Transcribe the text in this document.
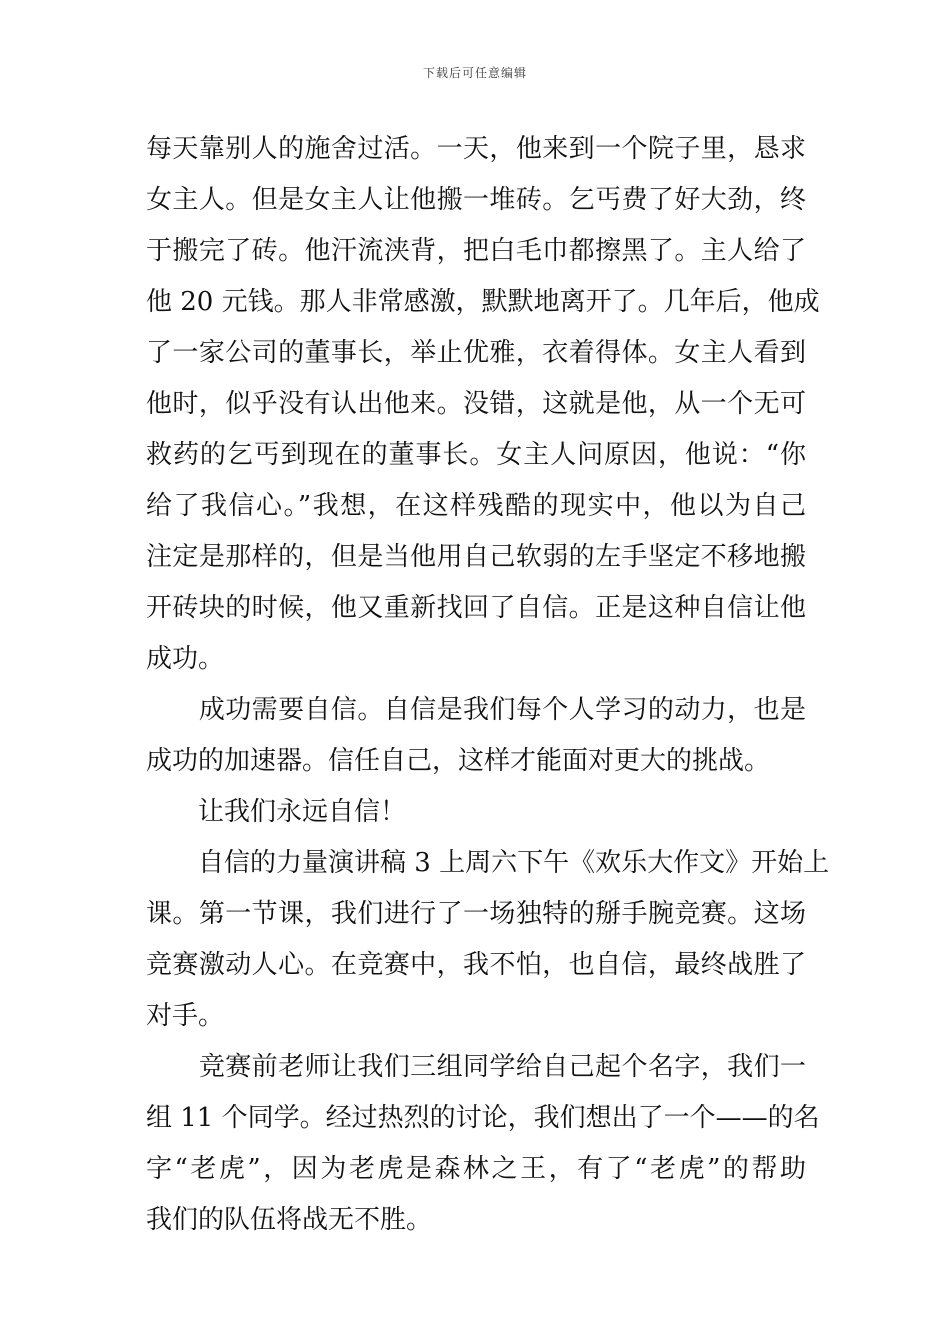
下载后可任意编辑
每天靠别人的施舍过活。一天，他来到一个院子里，恳求
女主人。但是女主人让他搬一堆砖。乞丐费了好大劲，终
于搬完了砖。他汗流浃背，把白毛巾都擦黑了。主人给了
他 20 元钱。那人非常感激，默默地离开了。几年后，他成
了一家公司的董事长，举止优雅，衣着得体。女主人看到
他时，似乎没有认出他来。没错，这就是他，从一个无可
救药的乞丐到现在的董事长。女主人问原因，他说：“你
给了我信心。”我想，在这样残酷的现实中，他以为自己
注定是那样的，但是当他用自己软弱的左手坚定不移地搬
开砖块的时候，他又重新找回了自信。正是这种自信让他
成功。
　　成功需要自信。自信是我们每个人学习的动力，也是
成功的加速器。信任自己，这样才能面对更大的挑战。
　　让我们永远自信！
　　自信的力量演讲稿 3 上周六下午《欢乐大作文》开始上
课。第一节课，我们进行了一场独特的掰手腕竞赛。这场
竞赛激动人心。在竞赛中，我不怕，也自信，最终战胜了
对手。
　　竞赛前老师让我们三组同学给自己起个名字，我们一
组 11 个同学。经过热烈的讨论，我们想出了一个——的名
字“老虎”，因为老虎是森林之王，有了“老虎”的帮助
我们的队伍将战无不胜。
